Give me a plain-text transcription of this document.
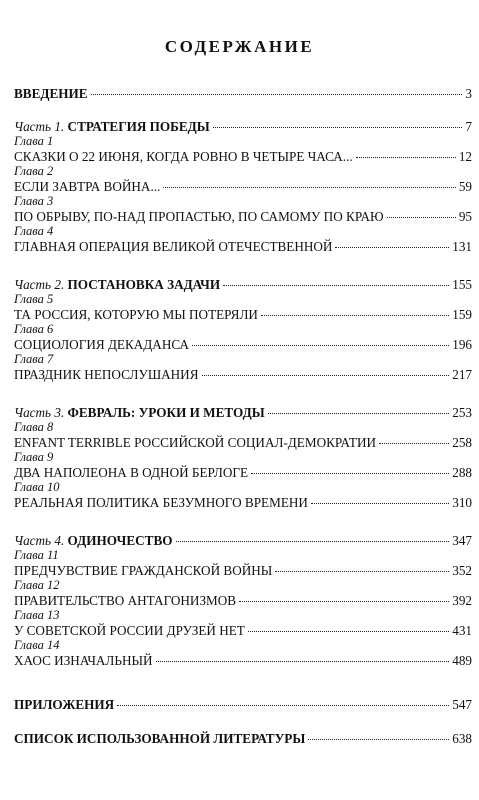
СОДЕРЖАНИЕ
ВВЕДЕНИЕ	3
Часть 1. СТРАТЕГИЯ ПОБЕДЫ	7
Глава 1
СКАЗКИ О 22 ИЮНЯ, КОГДА РОВНО В ЧЕТЫРЕ ЧАСА...	12
Глава 2
ЕСЛИ ЗАВТРА ВОЙНА...	59
Глава 3
ПО ОБРЫВУ, ПО-НАД ПРОПАСТЬЮ, ПО САМОМУ ПО КРАЮ	95
Глава 4
ГЛАВНАЯ ОПЕРАЦИЯ ВЕЛИКОЙ ОТЕЧЕСТВЕННОЙ	131
Часть 2. ПОСТАНОВКА ЗАДАЧИ	155
Глава 5
ТА РОССИЯ, КОТОРУЮ МЫ ПОТЕРЯЛИ	159
Глава 6
СОЦИОЛОГИЯ ДЕКАДАНСА	196
Глава 7
ПРАЗДНИК НЕПОСЛУШАНИЯ	217
Часть 3. ФЕВРАЛЬ: УРОКИ И МЕТОДЫ	253
Глава 8
ENFANT TERRIBLE РОССИЙСКОЙ СОЦИАЛ-ДЕМОКРАТИИ	258
Глава 9
ДВА НАПОЛЕОНА В ОДНОЙ БЕРЛОГЕ	288
Глава 10
РЕАЛЬНАЯ ПОЛИТИКА БЕЗУМНОГО ВРЕМЕНИ	310
Часть 4. ОДИНОЧЕСТВО	347
Глава 11
ПРЕДЧУВСТВИЕ ГРАЖДАНСКОЙ ВОЙНЫ	352
Глава 12
ПРАВИТЕЛЬСТВО АНТАГОНИЗМОВ	392
Глава 13
У СОВЕТСКОЙ РОССИИ ДРУЗЕЙ НЕТ	431
Глава 14
ХАОС ИЗНАЧАЛЬНЫЙ	489
ПРИЛОЖЕНИЯ	547
СПИСОК ИСПОЛЬЗОВАННОЙ ЛИТЕРАТУРЫ	638
